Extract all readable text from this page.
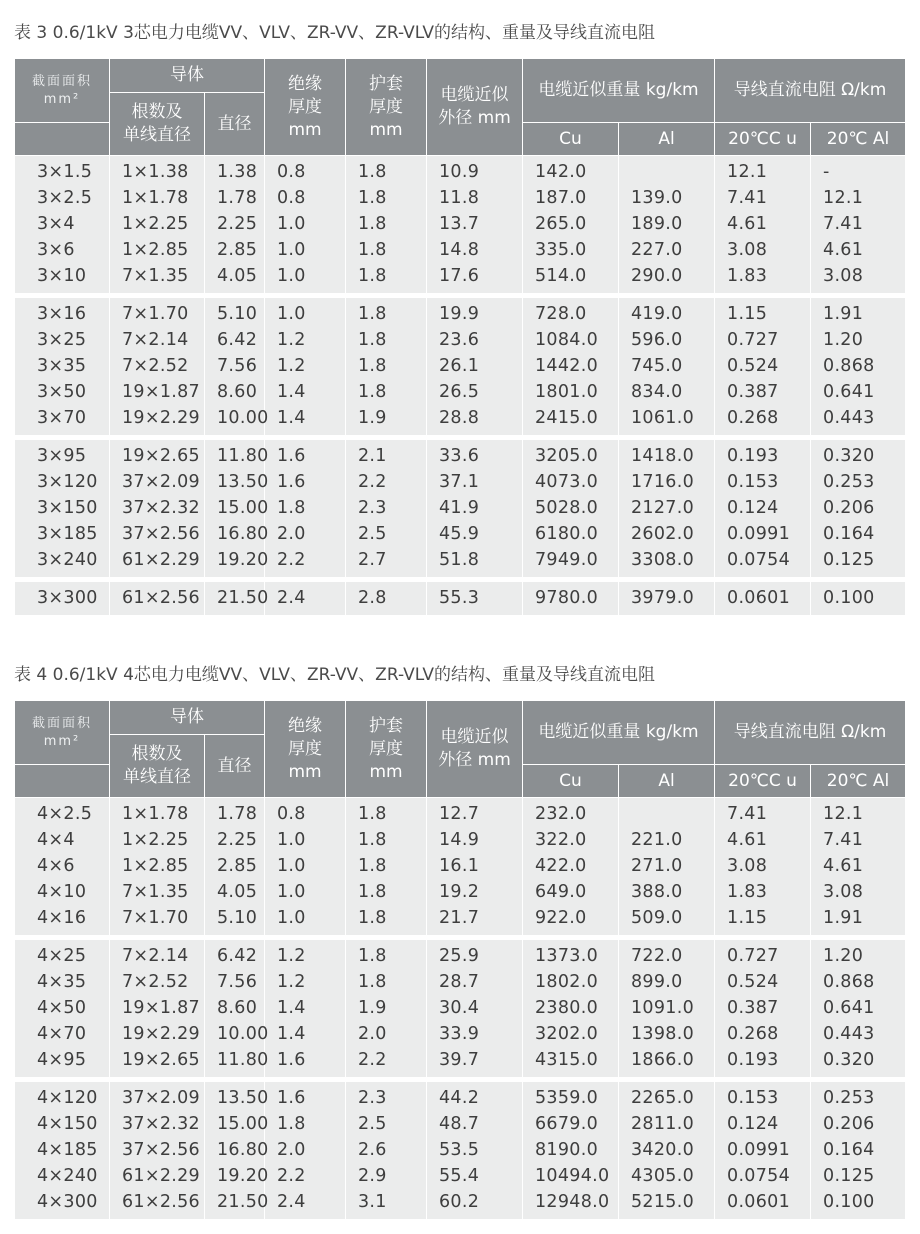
表 3 0.6/1kV 3芯电力电缆VV、VLV、ZR-VV、ZR-VLV的结构、重量及导线直流电阻
截面面积 mm²	导体		绝缘厚度mm	护套厚度mm	电缆近似外径 mm	电缆近似重量 kg/km		导线直流电阻 Ω/km	

	根数及
单线直径	直径							
						Cu	Al	20℃C u	20℃ Al
3×1.5	1×1.38	1.38	0.8	1.8	10.9	142.0		12.1	-
3×2.5	1×1.78	1.78	0.8	1.8	11.8	187.0	139.0	7.41	12.1
3×4	1×2.25	2.25	1.0	1.8	13.7	265.0	189.0	4.61	7.41
3×6	1×2.85	2.85	1.0	1.8	14.8	335.0	227.0	3.08	4.61
3×10	7×1.35	4.05	1.0	1.8	17.6	514.0	290.0	1.83	3.08

3×16	7×1.70	5.10	1.0	1.8	19.9	728.0	419.0	1.15	1.91
3×25	7×2.14	6.42	1.2	1.8	23.6	1084.0	596.0	0.727	1.20
3×35	7×2.52	7.56	1.2	1.8	26.1	1442.0	745.0	0.524	0.868
3×50	19×1.87	8.60	1.4	1.8	26.5	1801.0	834.0	0.387	0.641
3×70	19×2.29	10.00	1.4	1.9	28.8	2415.0	1061.0	0.268	0.443

3×95	19×2.65	11.80	1.6	2.1	33.6	3205.0	1418.0	0.193	0.320
3×120	37×2.09	13.50	1.6	2.2	37.1	4073.0	1716.0	0.153	0.253
3×150	37×2.32	15.00	1.8	2.3	41.9	5028.0	2127.0	0.124	0.206
3×185	37×2.56	16.80	2.0	2.5	45.9	6180.0	2602.0	0.0991	0.164
3×240	61×2.29	19.20	2.2	2.7	51.8	7949.0	3308.0	0.0754	0.125

3×300	61×2.56	21.50	2.4	2.8	55.3	9780.0	3979.0	0.0601	0.100
表 4 0.6/1kV 4芯电力电缆VV、VLV、ZR-VV、ZR-VLV的结构、重量及导线直流电阻
截面面积 mm²	导体		绝缘厚度mm	护套厚度mm	电缆近似外径 mm	电缆近似重量 kg/km		导线直流电阻 Ω/km	

	根数及
单线直径	直径							
						Cu	Al	20℃C u	20℃ Al
4×2.5	1×1.78	1.78	0.8	1.8	12.7	232.0		7.41	12.1
4×4	1×2.25	2.25	1.0	1.8	14.9	322.0	221.0	4.61	7.41
4×6	1×2.85	2.85	1.0	1.8	16.1	422.0	271.0	3.08	4.61
4×10	7×1.35	4.05	1.0	1.8	19.2	649.0	388.0	1.83	3.08
4×16	7×1.70	5.10	1.0	1.8	21.7	922.0	509.0	1.15	1.91

4×25	7×2.14	6.42	1.2	1.8	25.9	1373.0	722.0	0.727	1.20
4×35	7×2.52	7.56	1.2	1.8	28.7	1802.0	899.0	0.524	0.868
4×50	19×1.87	8.60	1.4	1.9	30.4	2380.0	1091.0	0.387	0.641
4×70	19×2.29	10.00	1.4	2.0	33.9	3202.0	1398.0	0.268	0.443
4×95	19×2.65	11.80	1.6	2.2	39.7	4315.0	1866.0	0.193	0.320

4×120	37×2.09	13.50	1.6	2.3	44.2	5359.0	2265.0	0.153	0.253
4×150	37×2.32	15.00	1.8	2.5	48.7	6679.0	2811.0	0.124	0.206
4×185	37×2.56	16.80	2.0	2.6	53.5	8190.0	3420.0	0.0991	0.164
4×240	61×2.29	19.20	2.2	2.9	55.4	10494.0	4305.0	0.0754	0.125
4×300	61×2.56	21.50	2.4	3.1	60.2	12948.0	5215.0	0.0601	0.100
